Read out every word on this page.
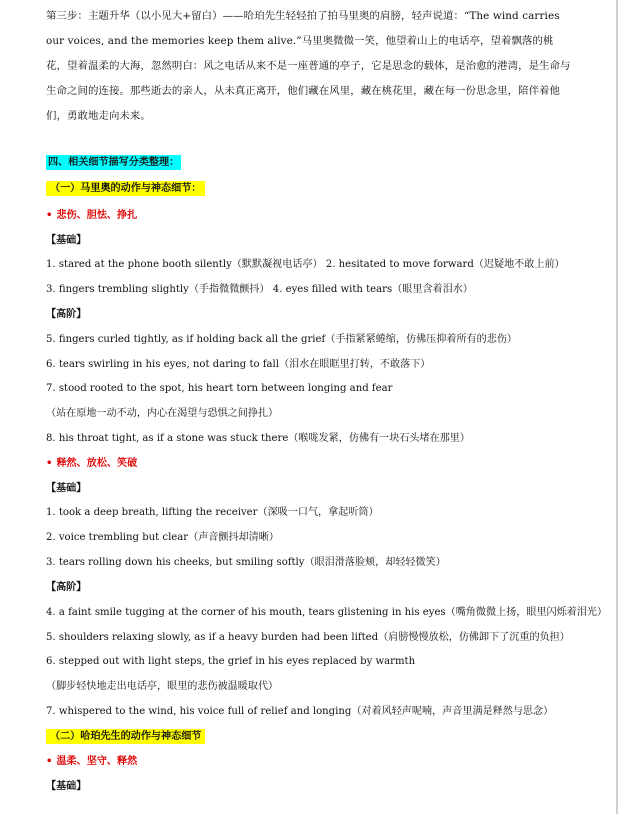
第三步：主题升华（以小见大+留白）——哈珀先生轻轻拍了拍马里奥的肩膀，轻声说道：“The wind carries our voices, and the memories keep them alive.”马里奥微微一笑，他望着山上的电话亭，望着飘落的桃花，望着温柔的大海，忽然明白：风之电话从来不是一座普通的亭子，它是思念的载体，是治愈的港湾，是生命与生命之间的连接。那些逝去的亲人，从未真正离开，他们藏在风里，藏在桃花里，藏在每一份思念里，陪伴着他们，勇敢地走向未来。
四、相关细节描写分类整理：
（一）马里奥的动作与神态细节：
• 悲伤、胆怯、挣扎
【基础】
1. stared at the phone booth silently（默默凝视电话亭） 2. hesitated to move forward（迟疑地不敢上前）
3. fingers trembling slightly（手指微微颤抖） 4. eyes filled with tears（眼里含着泪水）
【高阶】
5. fingers curled tightly, as if holding back all the grief（手指紧紧蜷缩，仿佛压抑着所有的悲伤）
6. tears swirling in his eyes, not daring to fall（泪水在眼眶里打转，不敢落下）
7. stood rooted to the spot, his heart torn between longing and fear
（站在原地一动不动，内心在渴望与恐惧之间挣扎）
8. his throat tight, as if a stone was stuck there（喉咙发紧，仿佛有一块石头堵在那里）
• 释然、放松、笑破
【基础】
1. took a deep breath, lifting the receiver（深吸一口气，拿起听筒）
2. voice trembling but clear（声音颤抖却清晰）
3. tears rolling down his cheeks, but smiling softly（眼泪滑落脸颊，却轻轻微笑）
【高阶】
4. a faint smile tugging at the corner of his mouth, tears glistening in his eyes（嘴角微微上扬，眼里闪烁着泪光）
5. shoulders relaxing slowly, as if a heavy burden had been lifted（肩膀慢慢放松，仿佛卸下了沉重的负担）
6. stepped out with light steps, the grief in his eyes replaced by warmth
（脚步轻快地走出电话亭，眼里的悲伤被温暖取代）
7. whispered to the wind, his voice full of relief and longing（对着风轻声呢喃，声音里满是释然与思念）
（二）哈珀先生的动作与神态细节
• 温柔、坚守、释然
【基础】
